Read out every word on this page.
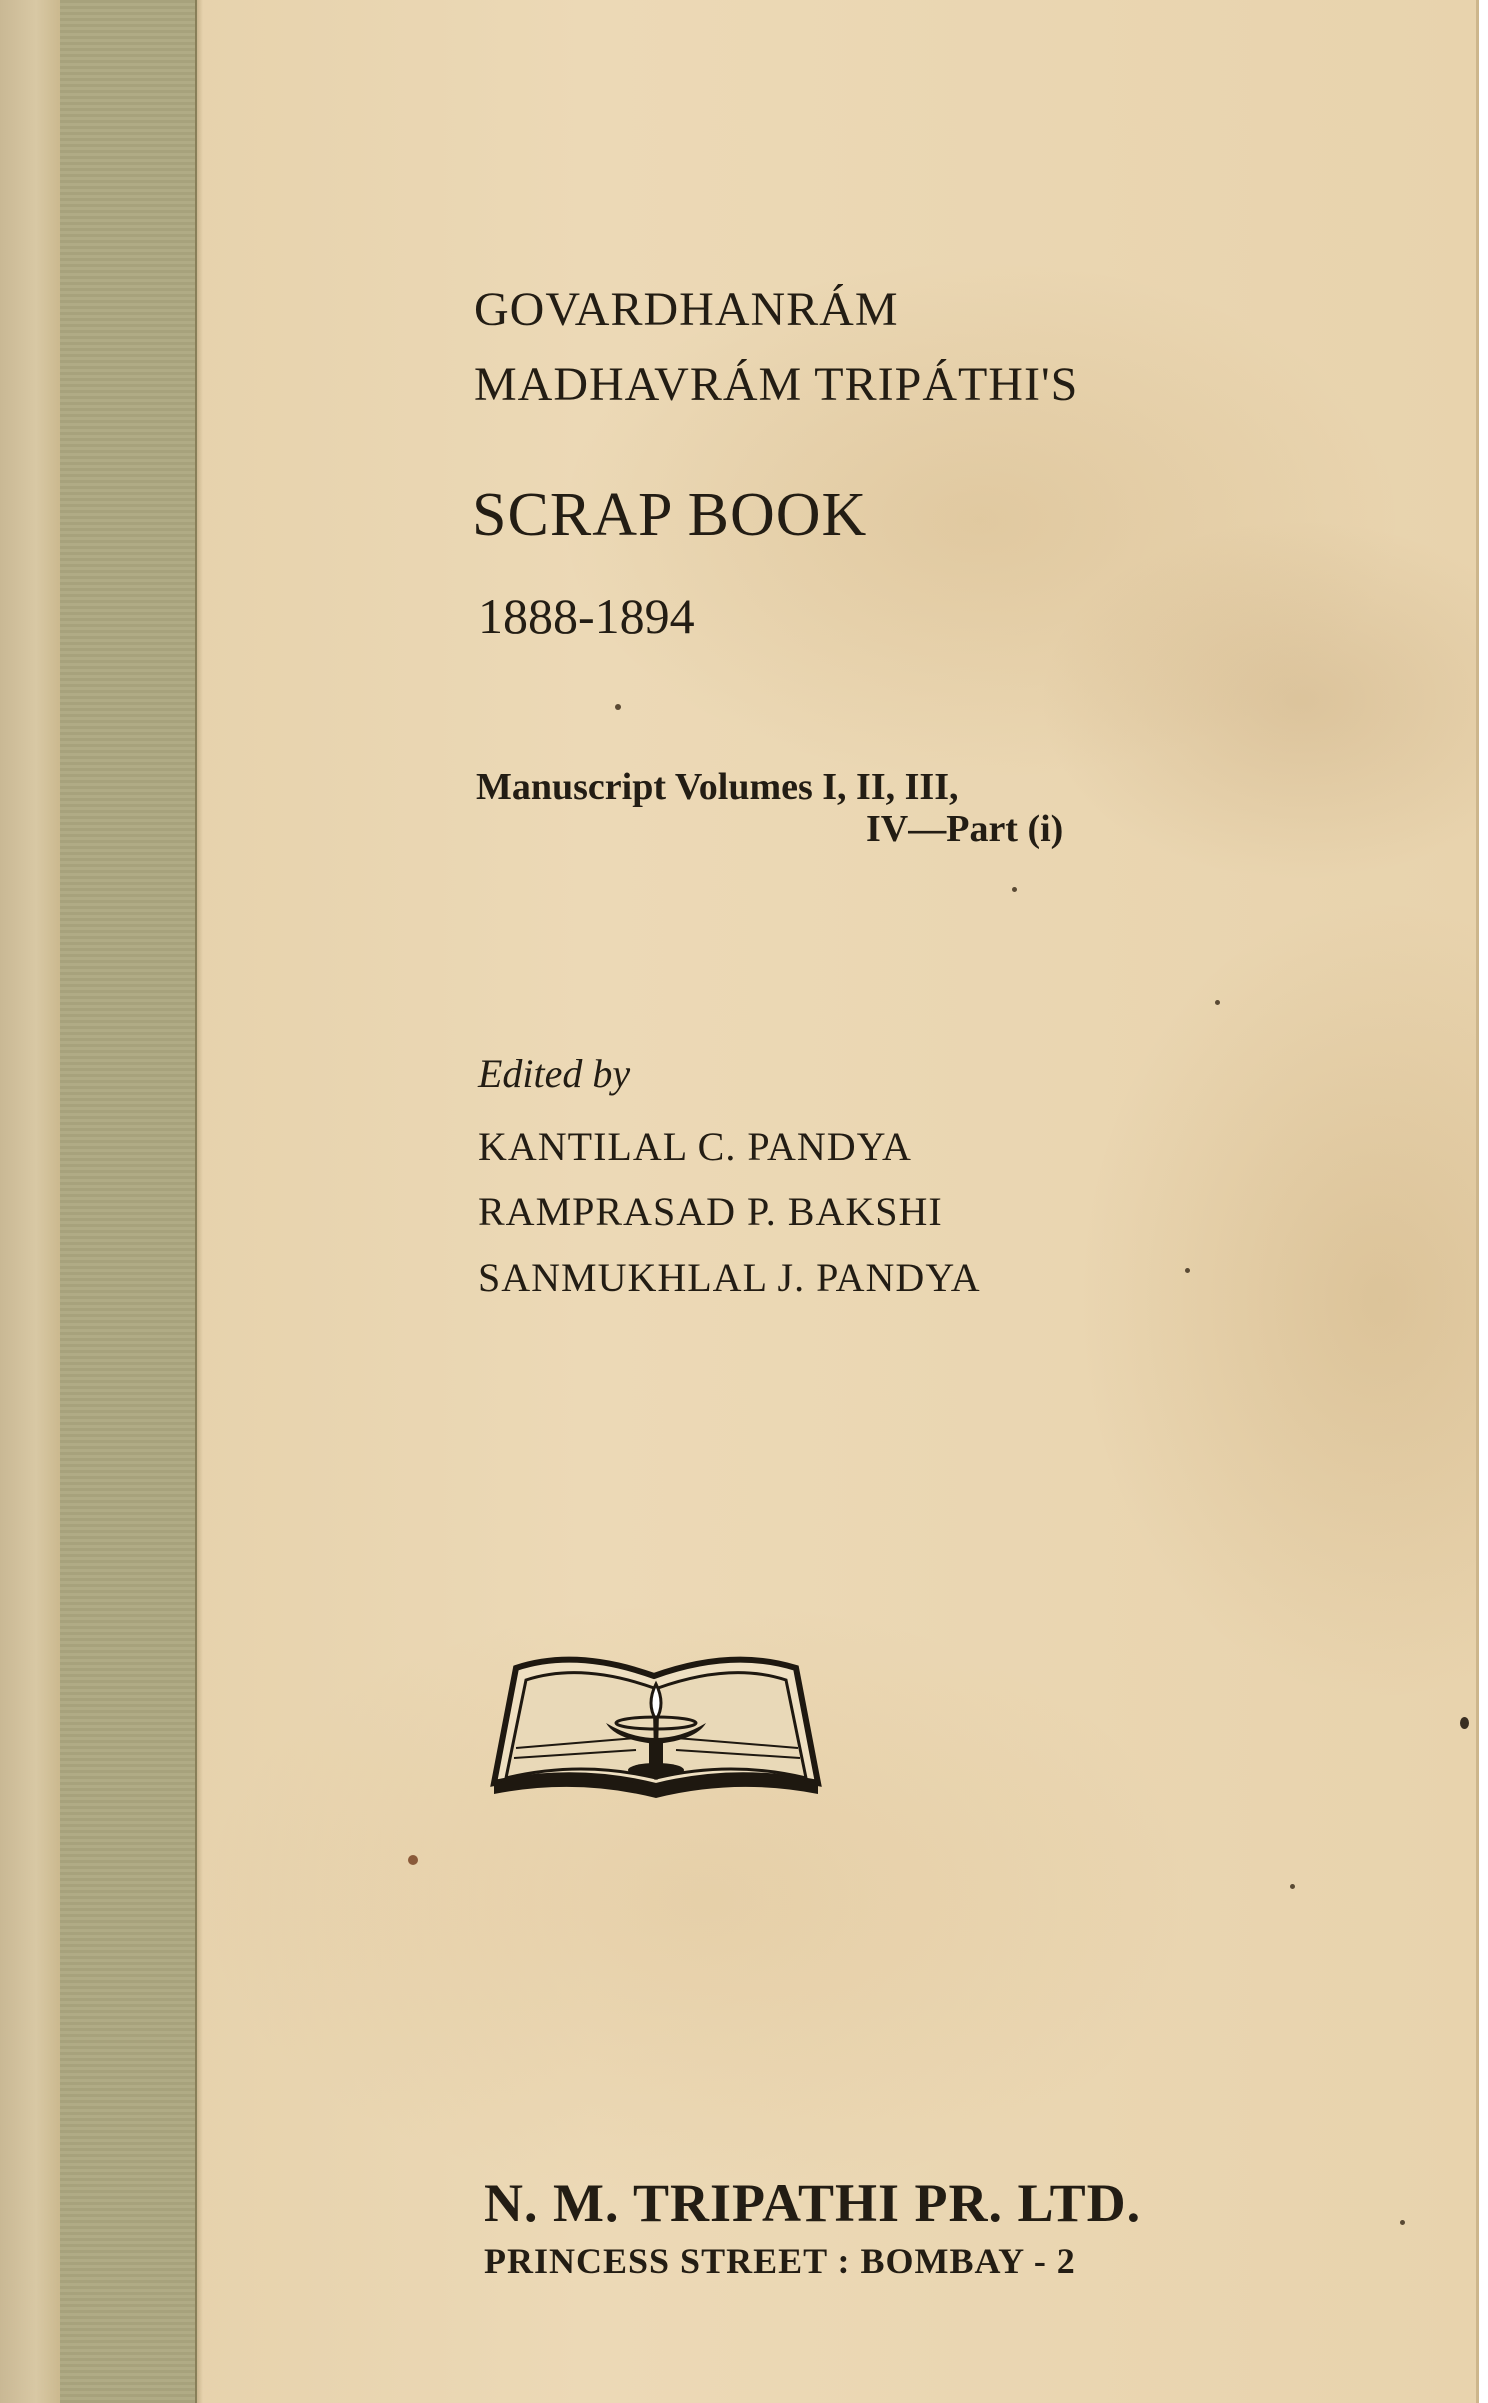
GOVARDHANRÁM
MADHAVRÁM TRIPÁTHI'S
SCRAP BOOK
1888-1894
Manuscript Volumes I, II, III,
IV—Part (i)
Edited by
KANTILAL C. PANDYA
RAMPRASAD P. BAKSHI
SANMUKHLAL J. PANDYA
N. M. TRIPATHI PR. LTD.
PRINCESS STREET : BOMBAY - 2
